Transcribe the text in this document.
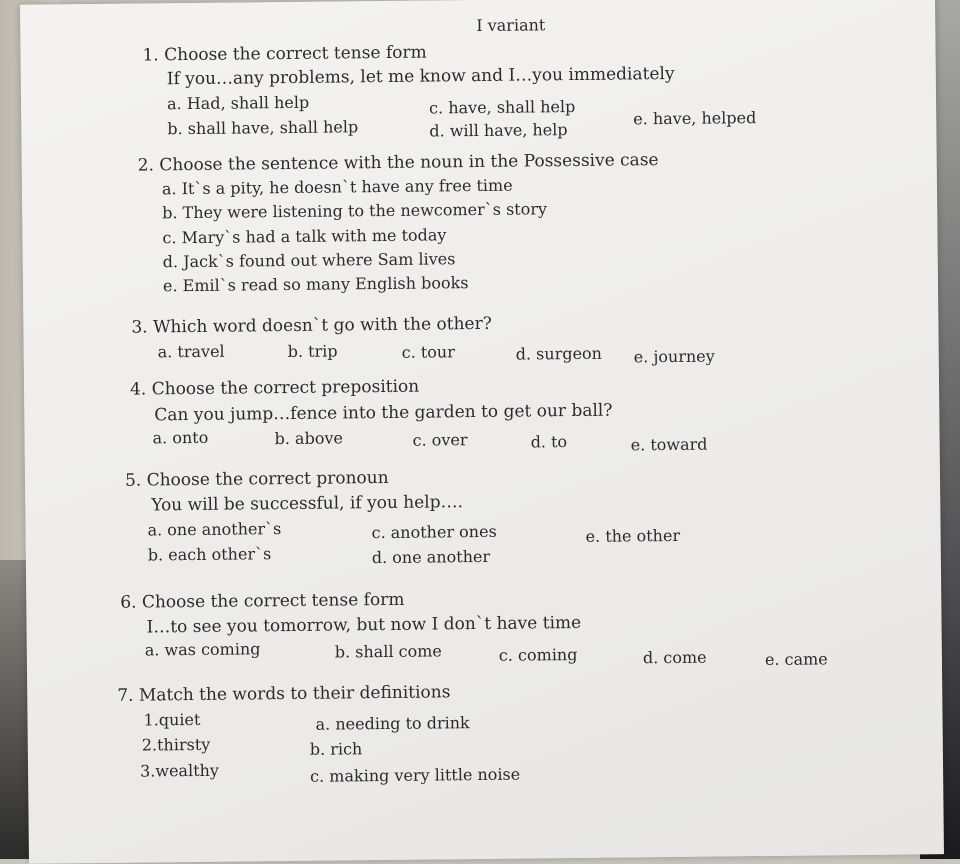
I variant
1. Choose the correct tense form
If you…any problems, let me know and I…you immediately
a. Had, shall help
b. shall have, shall help
c. have, shall help
d. will have, help
e. have, helped
2. Choose the sentence with the noun in the Possessive case
a. It`s a pity, he doesn`t have any free time
b. They were listening to the newcomer`s story
c. Mary`s had a talk with me today
d. Jack`s found out where Sam lives
e. Emil`s read so many English books
3. Which word doesn`t go with the other?
a. travel	b. trip	c. tour	d. surgeon e. journey
4. Choose the correct preposition
Can you jump…fence into the garden to get our ball?
a. onto	b. above	c. over	d. to	e. toward
5. Choose the correct pronoun
You will be successful, if you help….
a. one another`s
b. each other`s
c. another ones
d. one another
e. the other
6. Choose the correct tense form
I…to see you tomorrow, but now I don`t have time
a. was coming	b. shall come	c. coming	d. come	e. came
7. Match the words to their definitions
1.quiet
2.thirsty
3.wealthy
a. needing to drink
b. rich
c. making very little noise
